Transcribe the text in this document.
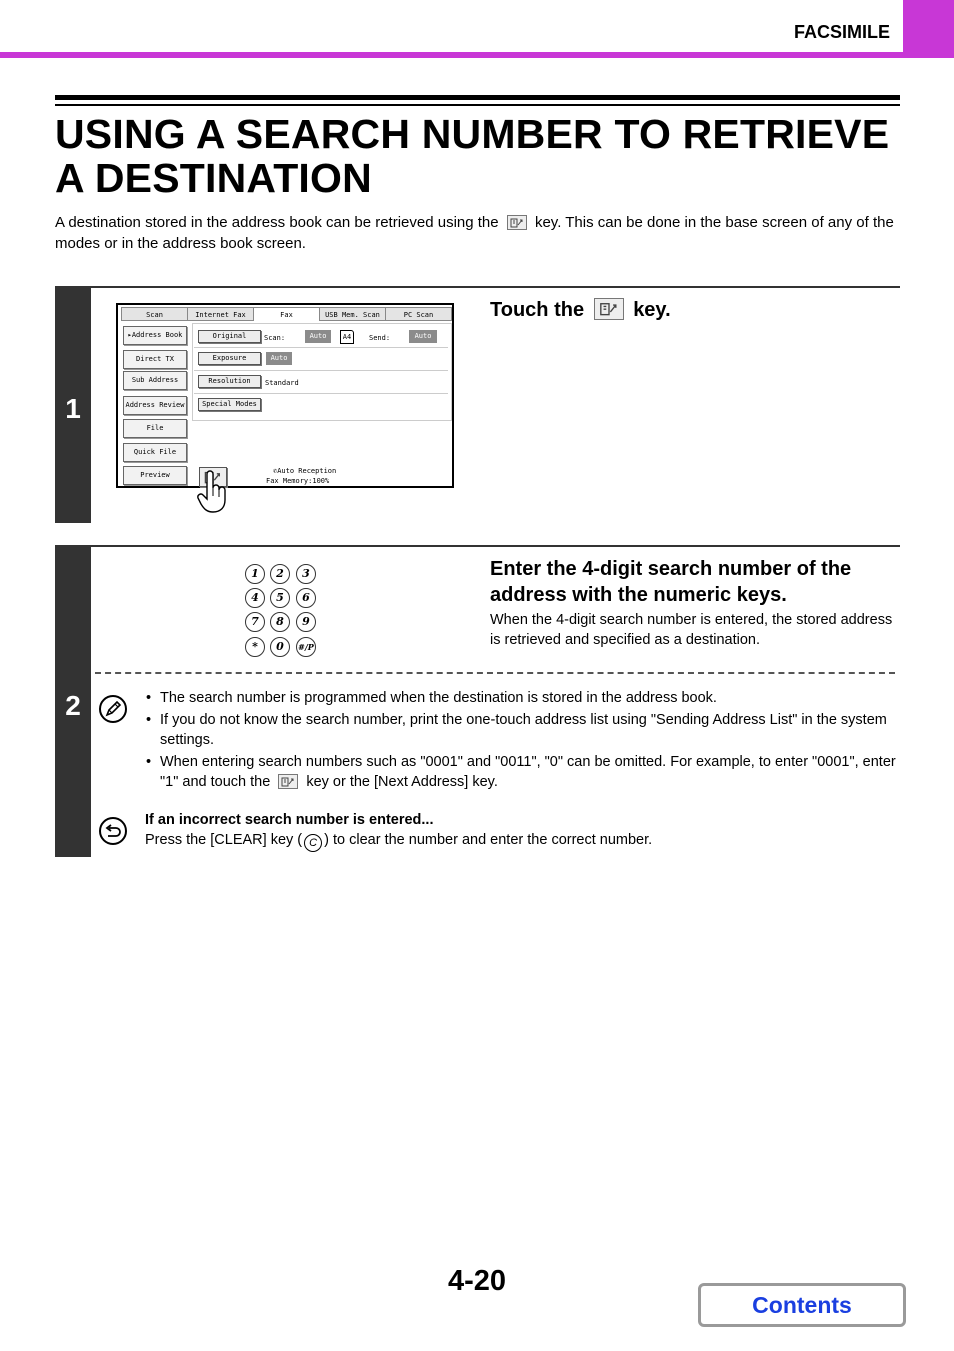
FACSIMILE
USING A SEARCH NUMBER TO RETRIEVE A DESTINATION
A destination stored in the address book can be retrieved using the key. This can be done in the base screen of any of the modes or in the address book screen.
1
Scan	Internet Fax	Fax	USB Mem. Scan	PC Scan
▸Address Book
Direct TX
Sub Address
Address Review
File
Quick File
Preview
Original	Scan:	Auto	A4	Send:	Auto
Exposure	Auto
Resolution	Standard
Special Modes
✆Auto Reception
Fax Memory:100%
Touch the key.
2
1	2	3
4	5	6
7	8	9
*	0	#/P
Enter the 4-digit search number of the address with the numeric keys.
When the 4-digit search number is entered, the stored address is retrieved and specified as a destination.
• The search number is programmed when the destination is stored in the address book.
• If you do not know the search number, print the one-touch address list using "Sending Address List" in the system settings.
• When entering search numbers such as "0001" and "0011", "0" can be omitted. For example, to enter "0001", enter "1" and touch the key or the [Next Address] key.
If an incorrect search number is entered...
Press the [CLEAR] key ( C ) to clear the number and enter the correct number.
4-20
Contents
